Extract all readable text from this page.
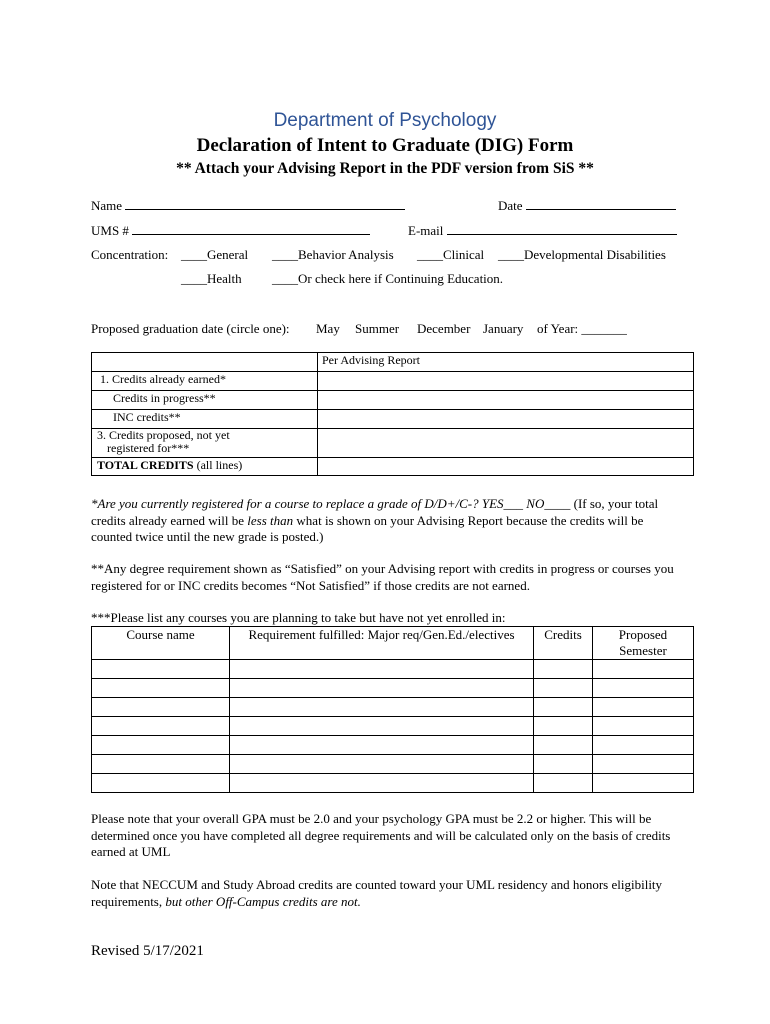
Department of Psychology
Declaration of Intent to Graduate (DIG) Form
** Attach your Advising Report in the PDF version from SiS **
Name	Date
UMS #	E-mail
Concentration: ____General ____Behavior Analysis ____Clinical ____Developmental Disabilities
____Health ____Or check here if Continuing Education.
Proposed graduation date (circle one): May Summer December January of Year: _______
	Per Advising Report
1. Credits already earned*	
Credits in progress**	
INC credits**	

3. Credits proposed, not yet
registered for***	

TOTAL CREDITS (all lines)	
*Are you currently registered for a course to replace a grade of D/D+/C-? YES___ NO____ (If so, your total credits already earned will be less than what is shown on your Advising Report because the credits will be counted twice until the new grade is posted.)
**Any degree requirement shown as “Satisfied” on your Advising report with credits in progress or courses you registered for or INC credits becomes “Not Satisfied” if those credits are not earned.
***Please list any courses you are planning to take but have not yet enrolled in:
Course name	Requirement fulfilled: Major req/Gen.Ed./electives	Credits	Proposed
Semester

Please note that your overall GPA must be 2.0 and your psychology GPA must be 2.2 or higher. This will be determined once you have completed all degree requirements and will be calculated only on the basis of credits earned at UML
Note that NECCUM and Study Abroad credits are counted toward your UML residency and honors eligibility requirements, but other Off-Campus credits are not.
Revised 5/17/2021
